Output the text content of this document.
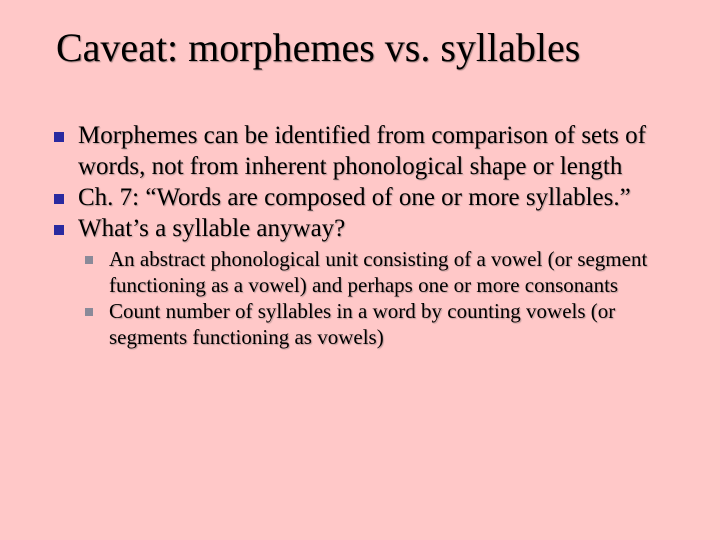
Caveat: morphemes vs. syllables
Morphemes can be identified from comparison of sets of words, not from inherent phonological shape or length
Ch. 7: “Words are composed of one or more syllables.”
What’s a syllable anyway?
An abstract phonological unit consisting of a vowel (or segment functioning as a vowel) and perhaps one or more consonants
Count number of syllables in a word by counting vowels (or segments functioning as vowels)
